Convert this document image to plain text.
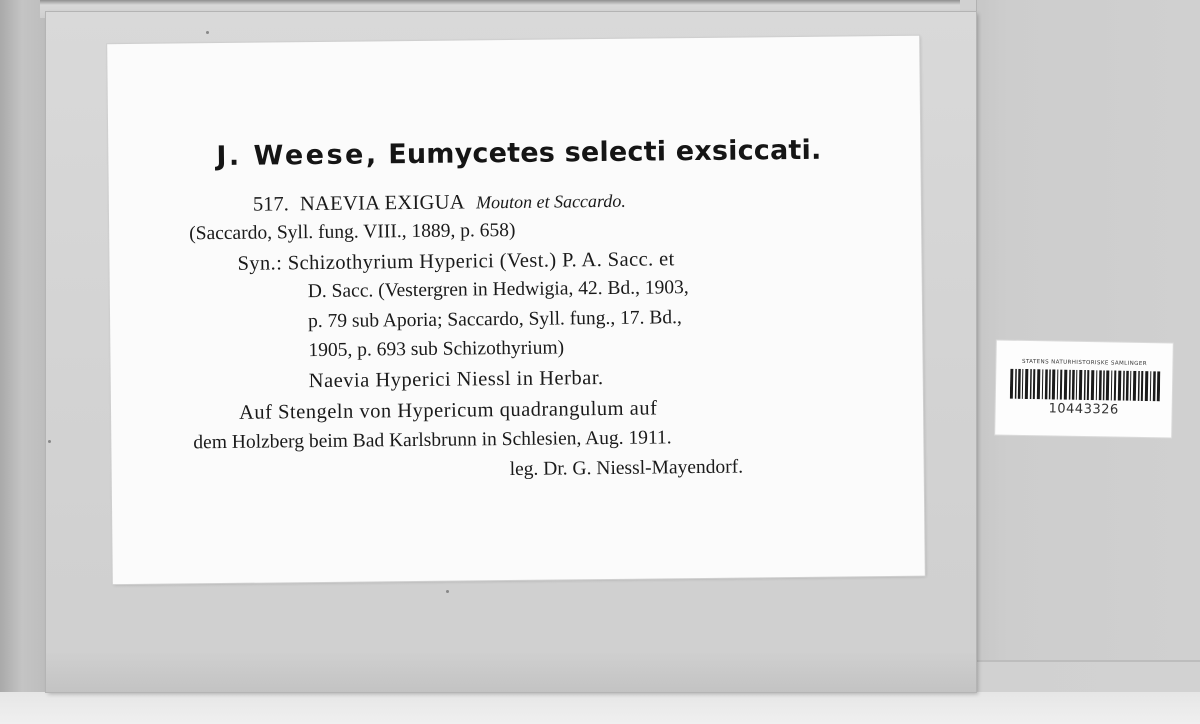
J. Weese, Eumycetes selecti exsiccati.
517. NAEVIA EXIGUA Mouton et Saccardo.
(Saccardo, Syll. fung. VIII., 1889, p. 658)
Syn.: Schizothyrium Hyperici (Vest.) P. A. Sacc. et
D. Sacc. (Vestergren in Hedwigia, 42. Bd., 1903,
p. 79 sub Aporia; Saccardo, Syll. fung., 17. Bd.,
1905, p. 693 sub Schizothyrium)
Naevia Hyperici Niessl in Herbar.
Auf Stengeln von Hypericum quadrangulum auf
dem Holzberg beim Bad Karlsbrunn in Schlesien, Aug. 1911.
leg. Dr. G. Niessl-Mayendorf.
STATENS NATURHISTORISKE SAMLINGER
10443326
